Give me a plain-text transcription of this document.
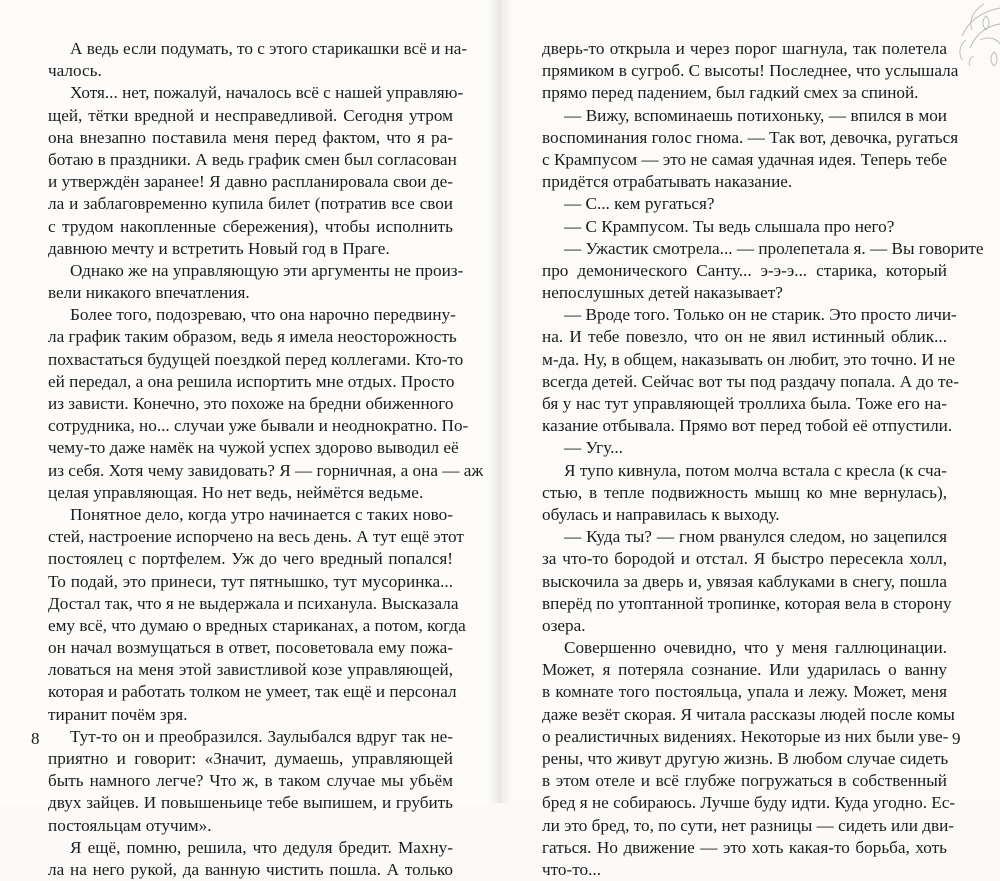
А ведь если подумать, то с этого старикашки всё и на-
чалось.
Хотя... нет, пожалуй, началось всё с нашей управляю-
щей, тётки вредной и несправедливой. Сегодня утром
она внезапно поставила меня перед фактом, что я ра-
ботаю в праздники. А ведь график смен был согласован
и утверждён заранее! Я давно распланировала свои де-
ла и заблаговременно купила билет (потратив все свои
с трудом накопленные сбережения), чтобы исполнить
давнюю мечту и встретить Новый год в Праге.
Однако же на управляющую эти аргументы не произ-
вели никакого впечатления.
Более того, подозреваю, что она нарочно передвину-
ла график таким образом, ведь я имела неосторожность
похвастаться будущей поездкой перед коллегами. Кто-то
ей передал, а она решила испортить мне отдых. Просто
из зависти. Конечно, это похоже на бредни обиженного
сотрудника, но... случаи уже бывали и неоднократно. По-
чему-то даже намёк на чужой успех здорово выводил её
из себя. Хотя чему завидовать? Я — горничная, а она — аж
целая управляющая. Но нет ведь, неймётся ведьме.
Понятное дело, когда утро начинается с таких ново-
стей, настроение испорчено на весь день. А тут ещё этот
постоялец с портфелем. Уж до чего вредный попался!
То подай, это принеси, тут пятнышко, тут мусоринка...
Достал так, что я не выдержала и психанула. Высказала
ему всё, что думаю о вредных стариканах, а потом, когда
он начал возмущаться в ответ, посоветовала ему пожа-
ловаться на меня этой завистливой козе управляющей,
которая и работать толком не умеет, так ещё и персонал
тиранит почём зря.
Тут-то он и преобразился. Заулыбался вдруг так не-
приятно и говорит: «Значит, думаешь, управляющей
быть намного легче? Что ж, в таком случае мы убьём
двух зайцев. И повышеньице тебе выпишем, и грубить
постояльцам отучим».
Я ещё, помню, решила, что дедуля бредит. Махну-
ла на него рукой, да ванную чистить пошла. А только
8
дверь-то открыла и через порог шагнула, так полетела
прямиком в сугроб. С высоты! Последнее, что услышала
прямо перед падением, был гадкий смех за спиной.
— Вижу, вспоминаешь потихоньку, — впился в мои
воспоминания голос гнома. — Так вот, девочка, ругаться
с Крампусом — это не самая удачная идея. Теперь тебе
придётся отрабатывать наказание.
— С... кем ругаться?
— С Крампусом. Ты ведь слышала про него?
— Ужастик смотрела... — пролепетала я. — Вы говорите
про демонического Санту... э-э-э... старика, который
непослушных детей наказывает?
— Вроде того. Только он не старик. Это просто личи-
на. И тебе повезло, что он не явил истинный облик...
м-да. Ну, в общем, наказывать он любит, это точно. И не
всегда детей. Сейчас вот ты под раздачу попала. А до те-
бя у нас тут управляющей троллиха была. Тоже его на-
казание отбывала. Прямо вот перед тобой её отпустили.
— Угу...
Я тупо кивнула, потом молча встала с кресла (к сча-
стью, в тепле подвижность мышц ко мне вернулась),
обулась и направилась к выходу.
— Куда ты? — гном рванулся следом, но зацепился
за что-то бородой и отстал. Я быстро пересекла холл,
выскочила за дверь и, увязая каблуками в снегу, пошла
вперёд по утоптанной тропинке, которая вела в сторону
озера.
Совершенно очевидно, что у меня галлюцинации.
Может, я потеряла сознание. Или ударилась о ванну
в комнате того постояльца, упала и лежу. Может, меня
даже везёт скорая. Я читала рассказы людей после комы
о реалистичных видениях. Некоторые из них были уве-
рены, что живут другую жизнь. В любом случае сидеть
в этом отеле и всё глубже погружаться в собственный
бред я не собираюсь. Лучше буду идти. Куда угодно. Ес-
ли это бред, то, по сути, нет разницы — сидеть или дви-
гаться. Но движение — это хоть какая-то борьба, хоть
что-то...
9
